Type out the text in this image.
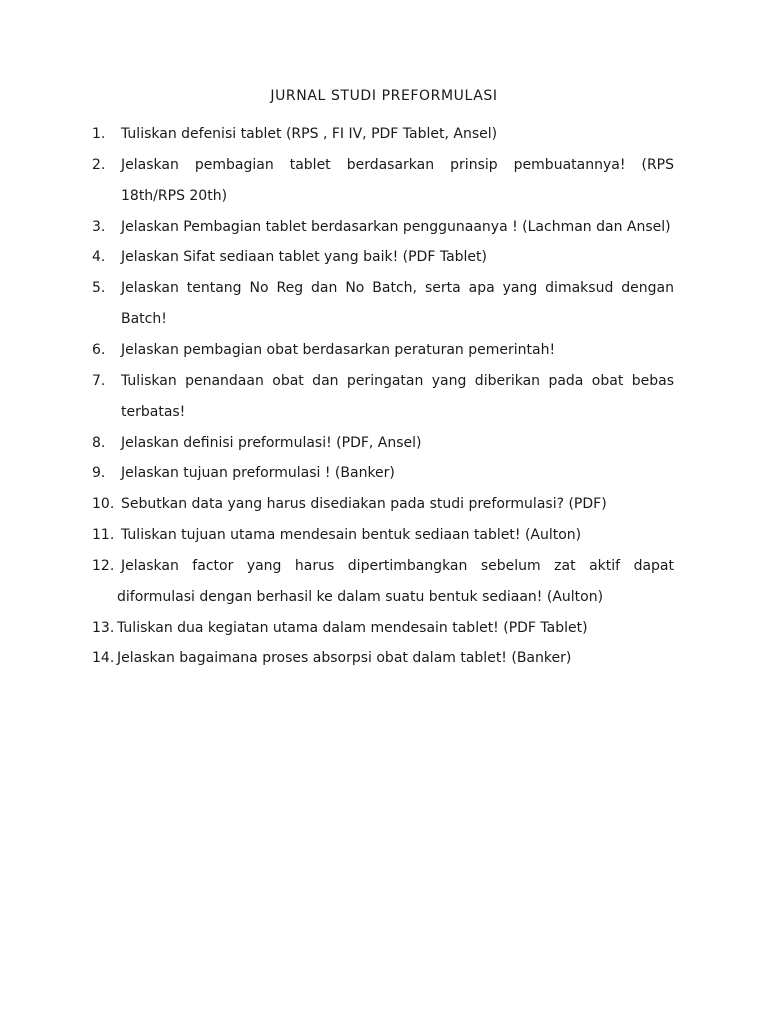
JURNAL STUDI PREFORMULASI
1. Tuliskan defenisi tablet (RPS , FI IV, PDF Tablet, Ansel)
2. Jelaskan pembagian tablet berdasarkan prinsip pembuatannya! (RPS
18th/RPS 20th)
3. Jelaskan Pembagian tablet berdasarkan penggunaanya ! (Lachman dan Ansel)
4. Jelaskan Sifat sediaan tablet yang baik! (PDF Tablet)
5. Jelaskan tentang No Reg dan No Batch, serta apa yang dimaksud dengan
Batch!
6. Jelaskan pembagian obat berdasarkan peraturan pemerintah!
7. Tuliskan penandaan obat dan peringatan yang diberikan pada obat bebas
terbatas!
8. Jelaskan definisi preformulasi! (PDF, Ansel)
9. Jelaskan tujuan preformulasi ! (Banker)
10. Sebutkan data yang harus disediakan pada studi preformulasi? (PDF)
11. Tuliskan tujuan utama mendesain bentuk sediaan tablet! (Aulton)
12. Jelaskan factor yang harus dipertimbangkan sebelum zat aktif dapat
diformulasi dengan berhasil ke dalam suatu bentuk sediaan! (Aulton)
13. Tuliskan dua kegiatan utama dalam mendesain tablet! (PDF Tablet)
14. Jelaskan bagaimana proses absorpsi obat dalam tablet! (Banker)
